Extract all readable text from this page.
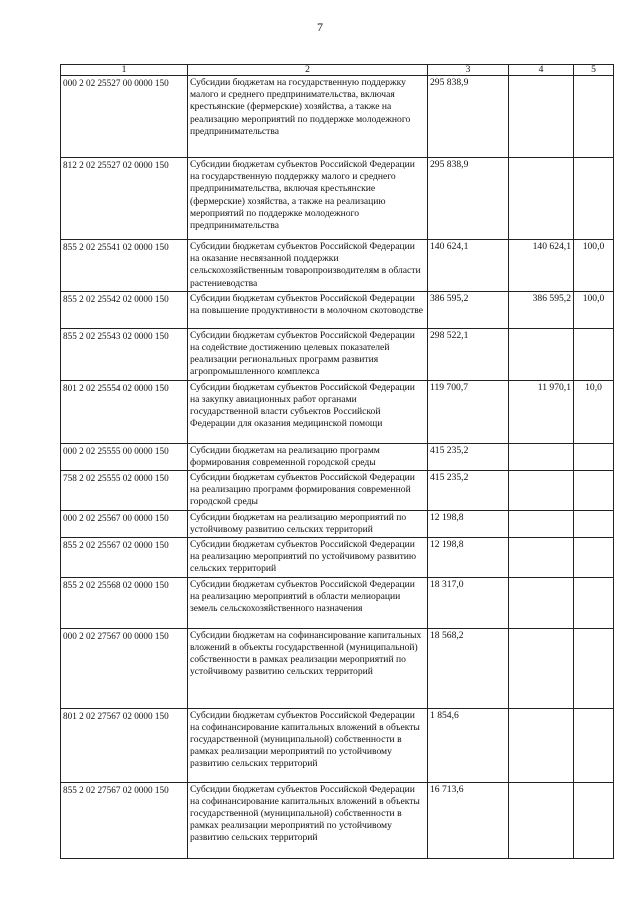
7
1	2	3	4	5
000 2 02 25527 00 0000 150	Субсидии бюджетам на государственную поддержку малого и среднего предпринимательства, включая крестьянские (фермерские) хозяйства, а также на реализацию мероприятий по поддержке молодежного предпринимательства	295 838,9		
812 2 02 25527 02 0000 150	Субсидии бюджетам субъектов Российской Федерации на государственную поддержку малого и среднего предпринимательства, включая крестьянские (фермерские) хозяйства, а также на реализацию мероприятий по поддержке молодежного предпринимательства	295 838,9		
855 2 02 25541 02 0000 150	Субсидии бюджетам субъектов Российской Федерации на оказание несвязанной поддержки сельскохозяйственным товаропроизводителям в области растениеводства	140 624,1	140 624,1	100,0
855 2 02 25542 02 0000 150	Субсидии бюджетам субъектов Российской Федерации на повышение продуктивности в молочном скотоводстве	386 595,2	386 595,2	100,0
855 2 02 25543 02 0000 150	Субсидии бюджетам субъектов Российской Федерации на содействие достижению целевых показателей реализации региональных программ развития агропромышленного комплекса	298 522,1		
801 2 02 25554 02 0000 150	Субсидии бюджетам субъектов Российской Федерации на закупку авиационных работ органами государственной власти субъектов Российской Федерации для оказания медицинской помощи	119 700,7	11 970,1	10,0
000 2 02 25555 00 0000 150	Субсидии бюджетам на реализацию программ формирования современной городской среды	415 235,2		
758 2 02 25555 02 0000 150	Субсидии бюджетам субъектов Российской Федерации на реализацию программ формирования современной городской среды	415 235,2		
000 2 02 25567 00 0000 150	Субсидии бюджетам на реализацию мероприятий по устойчивому развитию сельских территорий	12 198,8		
855 2 02 25567 02 0000 150	Субсидии бюджетам субъектов Российской Федерации на реализацию мероприятий по устойчивому развитию сельских территорий	12 198,8		
855 2 02 25568 02 0000 150	Субсидии бюджетам субъектов Российской Федерации на реализацию мероприятий в области мелиорации земель сельскохозяйственного назначения	18 317,0		
000 2 02 27567 00 0000 150	Субсидии бюджетам на софинансирование капитальных вложений в объекты государственной (муниципальной) собственности в рамках реализации мероприятий по устойчивому развитию сельских территорий	18 568,2		
801 2 02 27567 02 0000 150	Субсидии бюджетам субъектов Российской Федерации на софинансирование капитальных вложений в объекты государственной (муниципальной) собственности в рамках реализации мероприятий по устойчивому развитию сельских территорий	1 854,6		
855 2 02 27567 02 0000 150	Субсидии бюджетам субъектов Российской Федерации на софинансирование капитальных вложений в объекты государственной (муниципальной) собственности в рамках реализации мероприятий по устойчивому развитию сельских территорий	16 713,6		
